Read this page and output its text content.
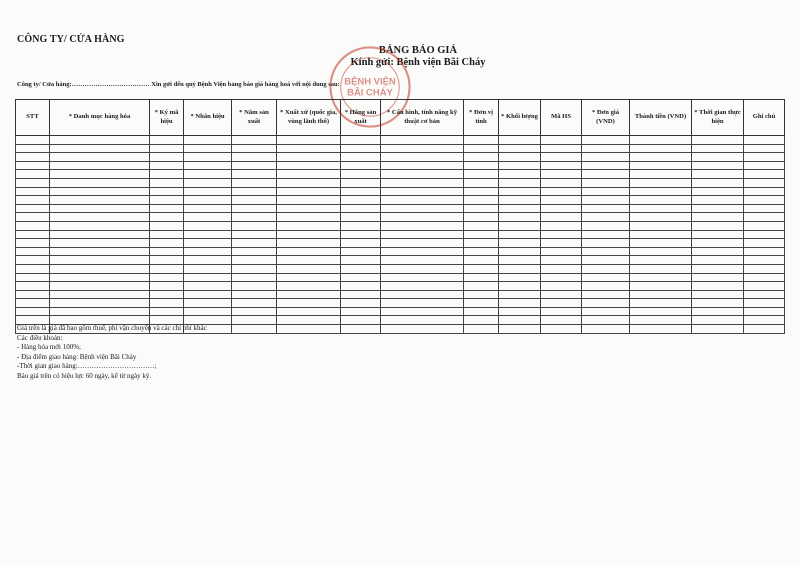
CÔNG TY/ CỬA HÀNG
BẢNG BÁO GIÁ
Kính gửi: Bệnh viện Bãi Cháy
Công ty/ Cửa hàng:……………………………… Xin gửi đến quý Bệnh Viện bảng báo giá hàng hoá với nội dung sau: BỆNH VIỆN
BÃI CHÁY
STT	* Danh mục hàng hóa	* Ký mã hiệu	* Nhãn hiệu	* Năm sản xuất	* Xuất xứ (quốc gia, vùng lãnh thổ)	* Hãng sản xuất	* Cấu hình, tính năng kỹ thuật cơ bản	* Đơn vị tính	* Khối lượng	Mã HS	* Đơn giá (VND)	Thành tiền (VND)	* Thời gian thực hiện	Ghi chú

Giá trên là giá đã bao gồm thuế, phí vận chuyển và các chi phí khác
Các điều khoản:
- Hàng hóa mới 100%;
- Địa điểm giao hàng: Bệnh viện Bãi Cháy
-Thời gian giao hàng:……………………………;
Báo giá trên có hiệu lực 60 ngày, kể từ ngày ký.
